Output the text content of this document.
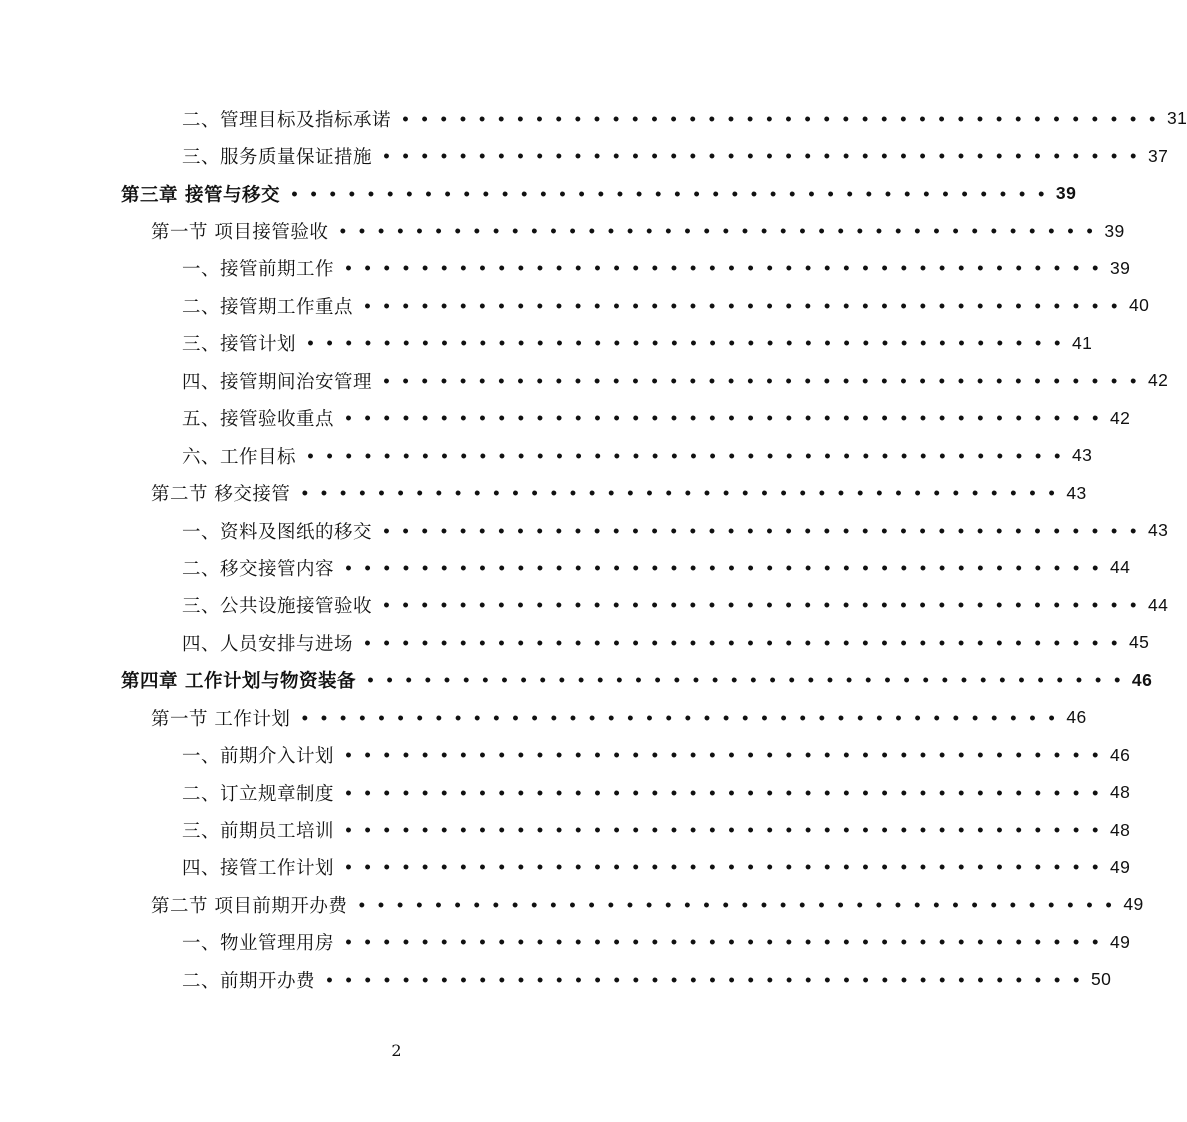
二、管理目标及指标承诺 •••••••••••••••••••••••••••••••••••••••• 31
三、服务质量保证措施 •••••••••••••••••••••••••••••••••••••••• 37
第三章 接管与移交 •••••••••••••••••••••••••••••••••••••••• 39
第一节 项目接管验收 •••••••••••••••••••••••••••••••••••••••• 39
一、接管前期工作 •••••••••••••••••••••••••••••••••••••••• 39
二、接管期工作重点 •••••••••••••••••••••••••••••••••••••••• 40
三、接管计划 •••••••••••••••••••••••••••••••••••••••• 41
四、接管期间治安管理 •••••••••••••••••••••••••••••••••••••••• 42
五、接管验收重点 •••••••••••••••••••••••••••••••••••••••• 42
六、工作目标 •••••••••••••••••••••••••••••••••••••••• 43
第二节 移交接管 •••••••••••••••••••••••••••••••••••••••• 43
一、资料及图纸的移交 •••••••••••••••••••••••••••••••••••••••• 43
二、移交接管内容 •••••••••••••••••••••••••••••••••••••••• 44
三、公共设施接管验收 •••••••••••••••••••••••••••••••••••••••• 44
四、人员安排与进场 •••••••••••••••••••••••••••••••••••••••• 45
第四章 工作计划与物资装备 •••••••••••••••••••••••••••••••••••••••• 46
第一节 工作计划 •••••••••••••••••••••••••••••••••••••••• 46
一、前期介入计划 •••••••••••••••••••••••••••••••••••••••• 46
二、订立规章制度 •••••••••••••••••••••••••••••••••••••••• 48
三、前期员工培训 •••••••••••••••••••••••••••••••••••••••• 48
四、接管工作计划 •••••••••••••••••••••••••••••••••••••••• 49
第二节 项目前期开办费 •••••••••••••••••••••••••••••••••••••••• 49
一、物业管理用房 •••••••••••••••••••••••••••••••••••••••• 49
二、前期开办费 •••••••••••••••••••••••••••••••••••••••• 50
2
